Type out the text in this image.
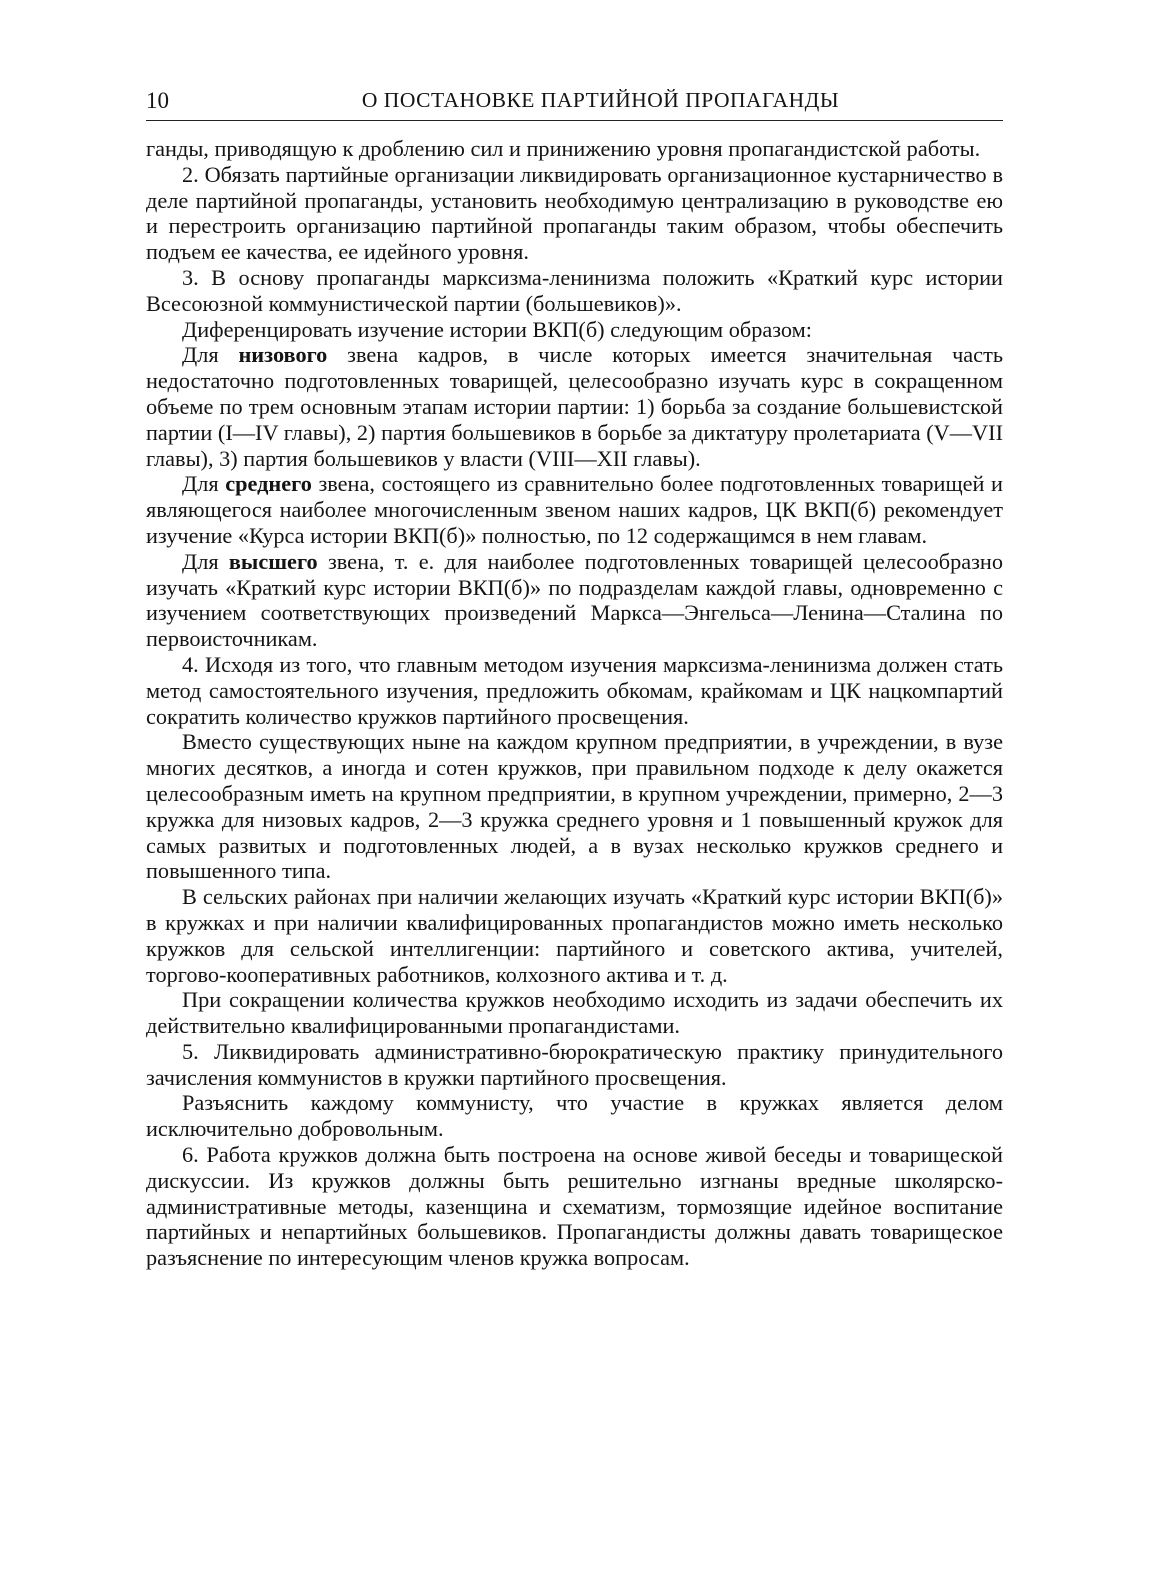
10	О ПОСТАНОВКЕ ПАРТИЙНОЙ ПРОПАГАНДЫ

ганды, приводящую к дроблению сил и принижению уровня пропагандистской работы.

2. Обязать партийные организации ликвидировать организационное кустарничество в деле партийной пропаганды, установить необходимую централизацию в руководстве ею и перестроить организацию партийной пропаганды таким образом, чтобы обеспечить подъем ее качества, ее идейного уровня.

3. В основу пропаганды марксизма-ленинизма положить «Краткий курс истории Всесоюзной коммунистической партии (большевиков)».

Диференцировать изучение истории ВКП(б) следующим образом:

Для низового звена кадров, в числе которых имеется значительная часть недостаточно подготовленных товарищей, целесообразно изучать курс в сокращенном объеме по трем основным этапам истории партии: 1) борьба за создание большевистской партии (I—IV главы), 2) партия большевиков в борьбе за диктатуру пролетариата (V—VII главы), 3) партия большевиков у власти (VIII—XII главы).

Для среднего звена, состоящего из сравнительно более подготовленных товарищей и являющегося наиболее многочисленным звеном наших кадров, ЦК ВКП(б) рекомендует изучение «Курса истории ВКП(б)» полностью, по 12 содержащимся в нем главам.

Для высшего звена, т. е. для наиболее подготовленных товарищей целесообразно изучать «Краткий курс истории ВКП(б)» по подразделам каждой главы, одновременно с изучением соответствующих произведений Маркса—Энгельса—Ленина—Сталина по первоисточникам.

4. Исходя из того, что главным методом изучения марксизма-ленинизма должен стать метод самостоятельного изучения, предложить обкомам, крайкомам и ЦК нацкомпартий сократить количество кружков партийного просвещения.

Вместо существующих ныне на каждом крупном предприятии, в учреждении, в вузе многих десятков, а иногда и сотен кружков, при правильном подходе к делу окажется целесообразным иметь на крупном предприятии, в крупном учреждении, примерно, 2—3 кружка для низовых кадров, 2—3 кружка среднего уровня и 1 повышенный кружок для самых развитых и подготовленных людей, а в вузах несколько кружков среднего и повышенного типа.

В сельских районах при наличии желающих изучать «Краткий курс истории ВКП(б)» в кружках и при наличии квалифицированных пропагандистов можно иметь несколько кружков для сельской интеллигенции: партийного и советского актива, учителей, торгово-кооперативных работников, колхозного актива и т. д.

При сокращении количества кружков необходимо исходить из задачи обеспечить их действительно квалифицированными пропагандистами.

5. Ликвидировать административно-бюрократическую практику принудительного зачисления коммунистов в кружки партийного просвещения.

Разъяснить каждому коммунисту, что участие в кружках является делом исключительно добровольным.

6. Работа кружков должна быть построена на основе живой беседы и товарищеской дискуссии. Из кружков должны быть решительно изгнаны вредные школярско-административные методы, казенщина и схематизм, тормозящие идейное воспитание партийных и непартийных большевиков. Пропагандисты должны давать товарищеское разъяснение по интересующим членов кружка вопросам.
